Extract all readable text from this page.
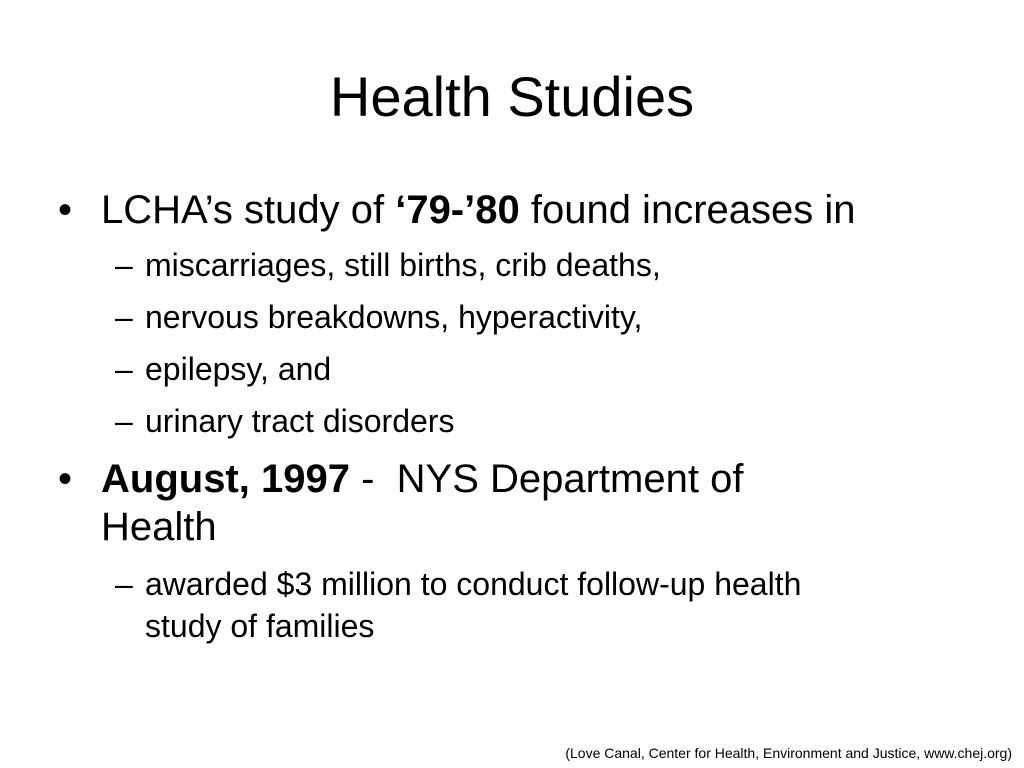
Health Studies
• LCHA’s study of ‘79-’80 found increases in
– miscarriages, still births, crib deaths,
– nervous breakdowns, hyperactivity,
– epilepsy, and
– urinary tract disorders
• August, 1997 -  NYS Department of Health
– awarded $3 million to conduct follow-up health study of families
(Love Canal, Center for Health, Environment and Justice, www.chej.org)
